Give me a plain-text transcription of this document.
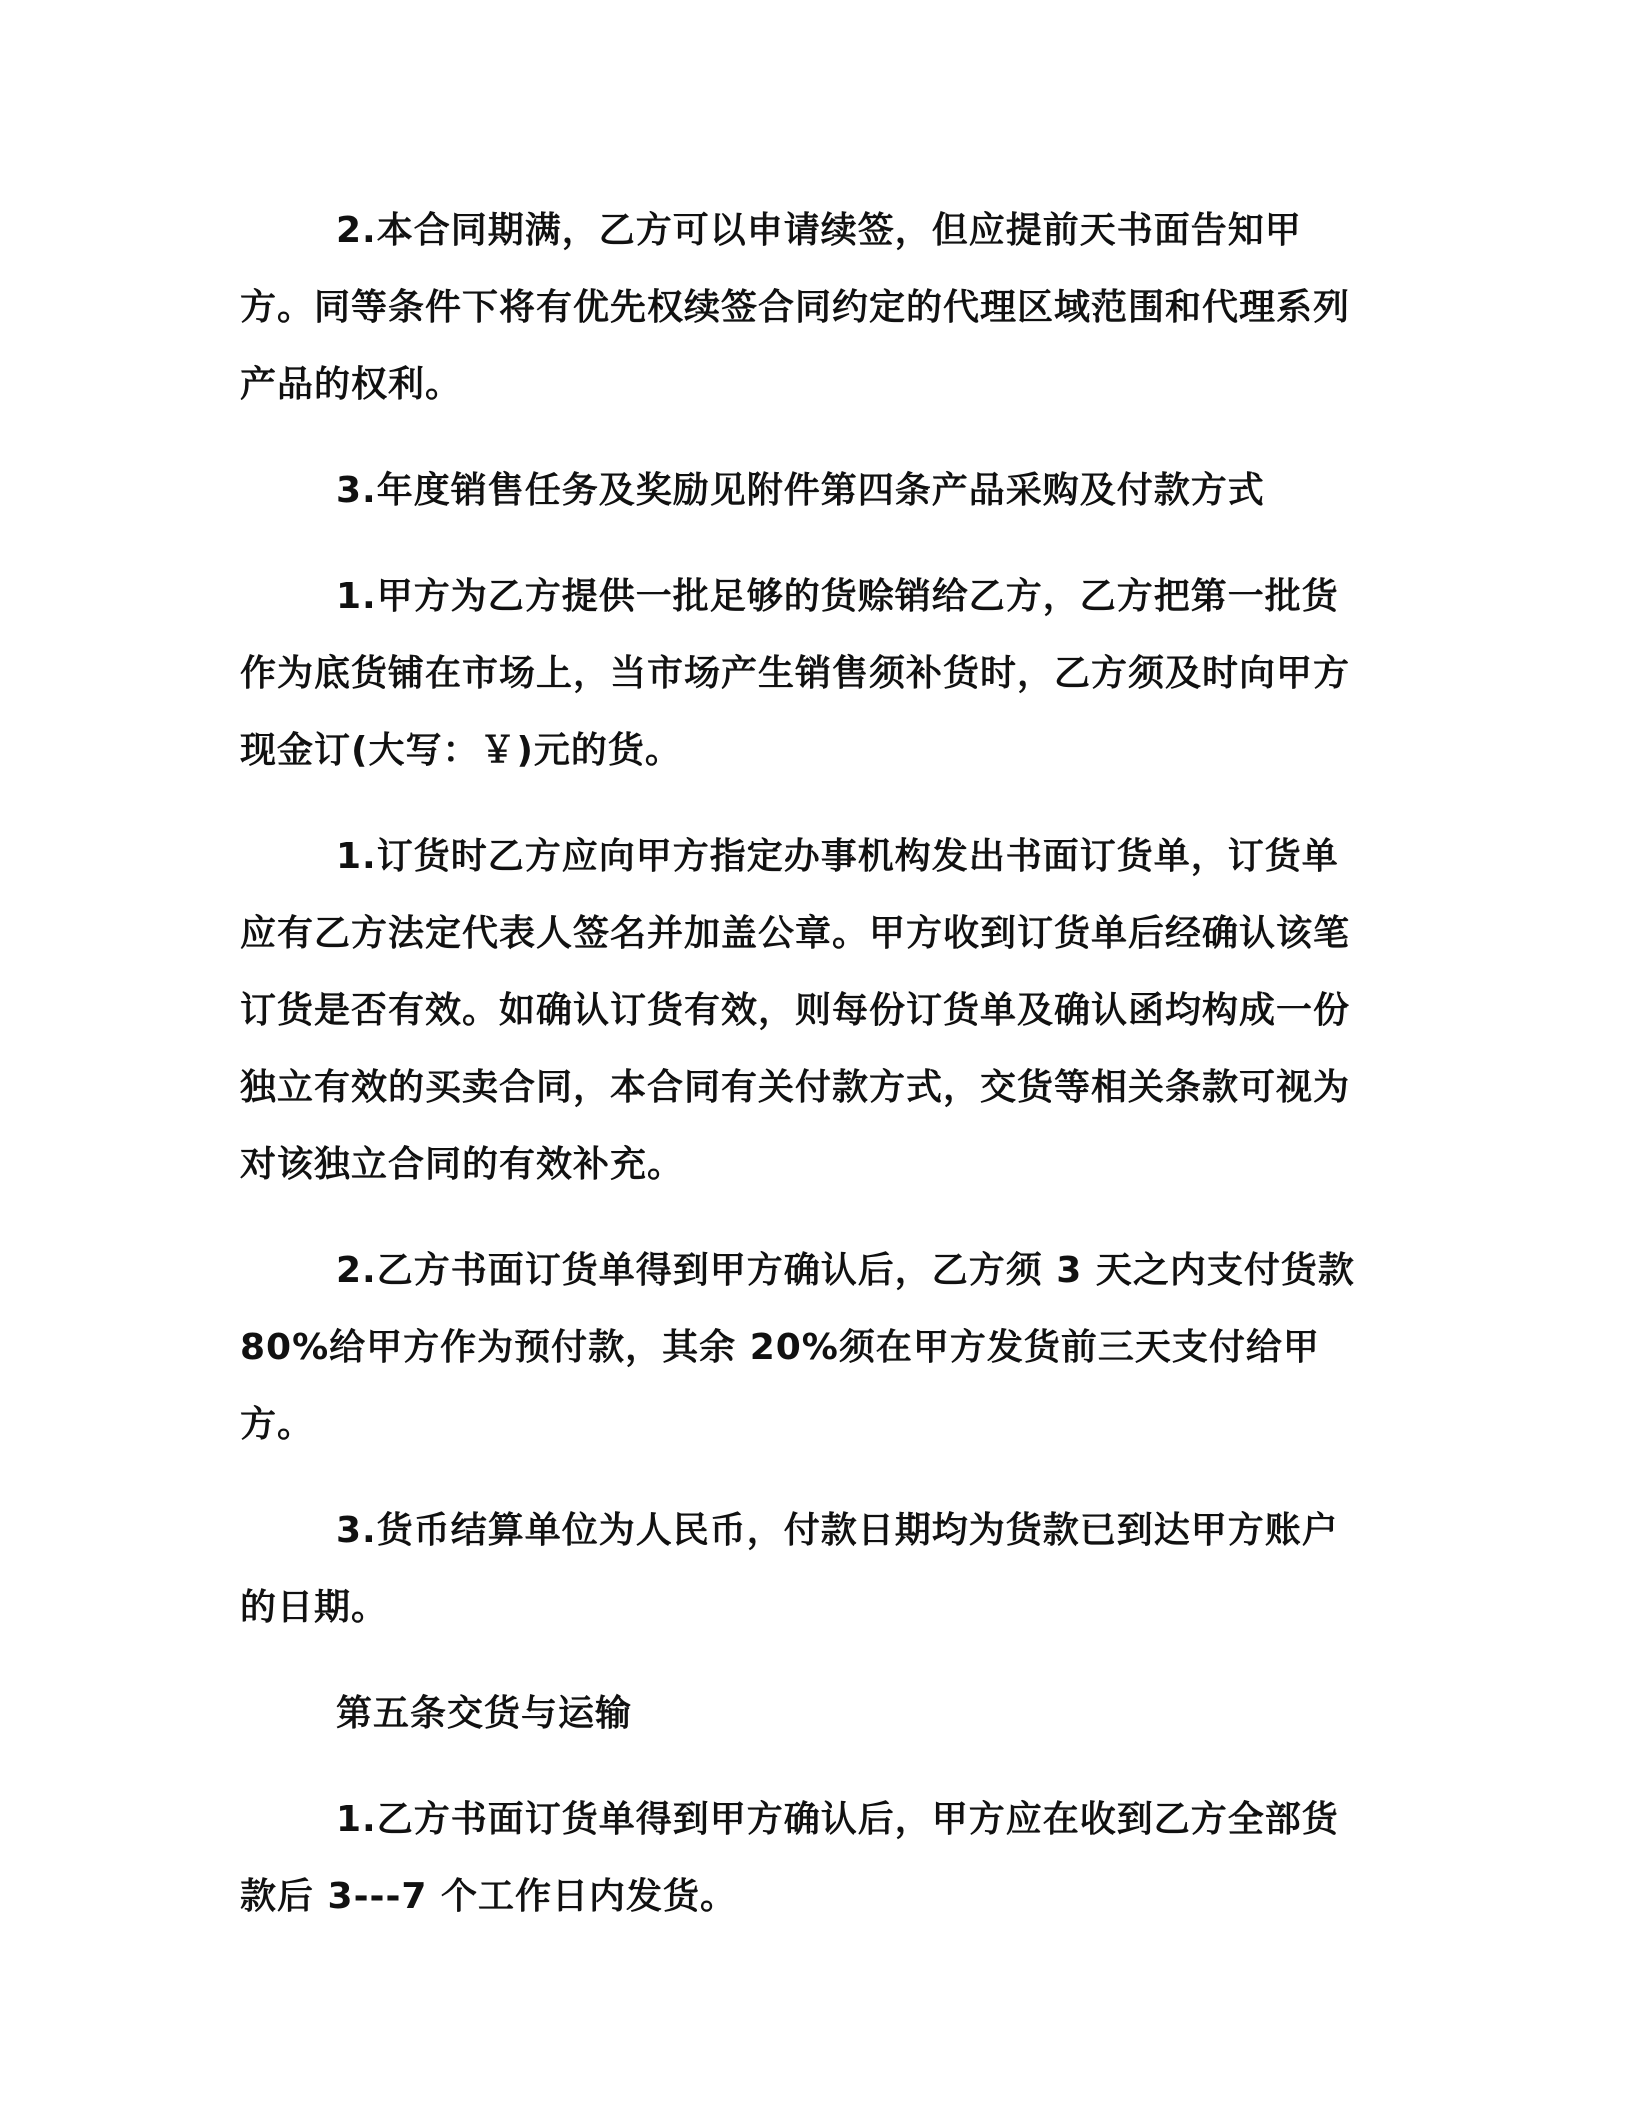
2.本合同期满，乙方可以申请续签，但应提前天书面告知甲方。同等条件下将有优先权续签合同约定的代理区域范围和代理系列产品的权利。

3.年度销售任务及奖励见附件第四条产品采购及付款方式

1.甲方为乙方提供一批足够的货赊销给乙方，乙方把第一批货作为底货铺在市场上，当市场产生销售须补货时，乙方须及时向甲方现金订(大写：￥)元的货。

1.订货时乙方应向甲方指定办事机构发出书面订货单，订货单应有乙方法定代表人签名并加盖公章。甲方收到订货单后经确认该笔订货是否有效。如确认订货有效，则每份订货单及确认函均构成一份独立有效的买卖合同，本合同有关付款方式，交货等相关条款可视为对该独立合同的有效补充。

2.乙方书面订货单得到甲方确认后，乙方须 3 天之内支付货款 80%给甲方作为预付款，其余 20%须在甲方发货前三天支付给甲方。

3.货币结算单位为人民币，付款日期均为货款已到达甲方账户的日期。

第五条交货与运输

1.乙方书面订货单得到甲方确认后，甲方应在收到乙方全部货款后 3---7 个工作日内发货。
